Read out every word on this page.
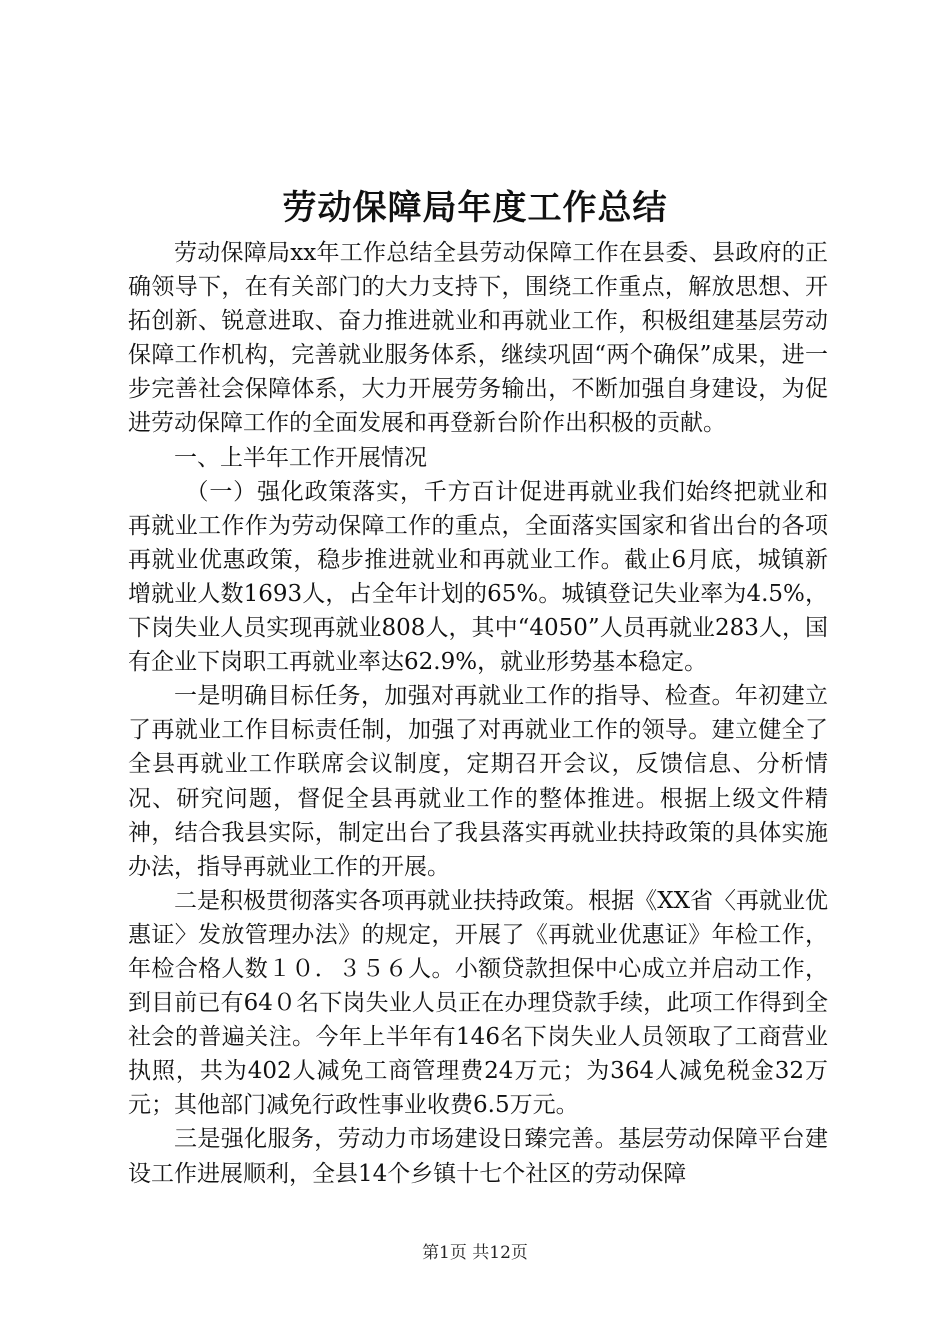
劳动保障局年度工作总结

劳动保障局xx年工作总结全县劳动保障工作在县委、县政府的正确领导下，在有关部门的大力支持下，围绕工作重点，解放思想、开拓创新、锐意进取、奋力推进就业和再就业工作，积极组建基层劳动保障工作机构，完善就业服务体系，继续巩固“两个确保”成果，进一步完善社会保障体系，大力开展劳务输出，不断加强自身建设，为促进劳动保障工作的全面发展和再登新台阶作出积极的贡献。

一、上半年工作开展情况

（一）强化政策落实，千方百计促进再就业我们始终把就业和再就业工作作为劳动保障工作的重点，全面落实国家和省出台的各项再就业优惠政策，稳步推进就业和再就业工作。截止6月底，城镇新增就业人数1693人，占全年计划的65%。城镇登记失业率为4.5%，下岗失业人员实现再就业808人，其中“4050”人员再就业283人，国有企业下岗职工再就业率达62.9%，就业形势基本稳定。

一是明确目标任务，加强对再就业工作的指导、检查。年初建立了再就业工作目标责任制，加强了对再就业工作的领导。建立健全了全县再就业工作联席会议制度，定期召开会议，反馈信息、分析情况、研究问题，督促全县再就业工作的整体推进。根据上级文件精神，结合我县实际，制定出台了我县落实再就业扶持政策的具体实施办法，指导再就业工作的开展。

二是积极贯彻落实各项再就业扶持政策。根据《XX省〈再就业优惠证〉发放管理办法》的规定，开展了《再就业优惠证》年检工作，年检合格人数１０．３５６人。小额贷款担保中心成立并启动工作，到目前已有64０名下岗失业人员正在办理贷款手续，此项工作得到全社会的普遍关注。今年上半年有146名下岗失业人员领取了工商营业执照，共为402人减免工商管理费24万元；为364人减免税金32万元；其他部门减免行政性事业收费6.5万元。

三是强化服务，劳动力市场建设日臻完善。基层劳动保障平台建设工作进展顺利，全县14个乡镇十七个社区的劳动保障

第1页 共12页
